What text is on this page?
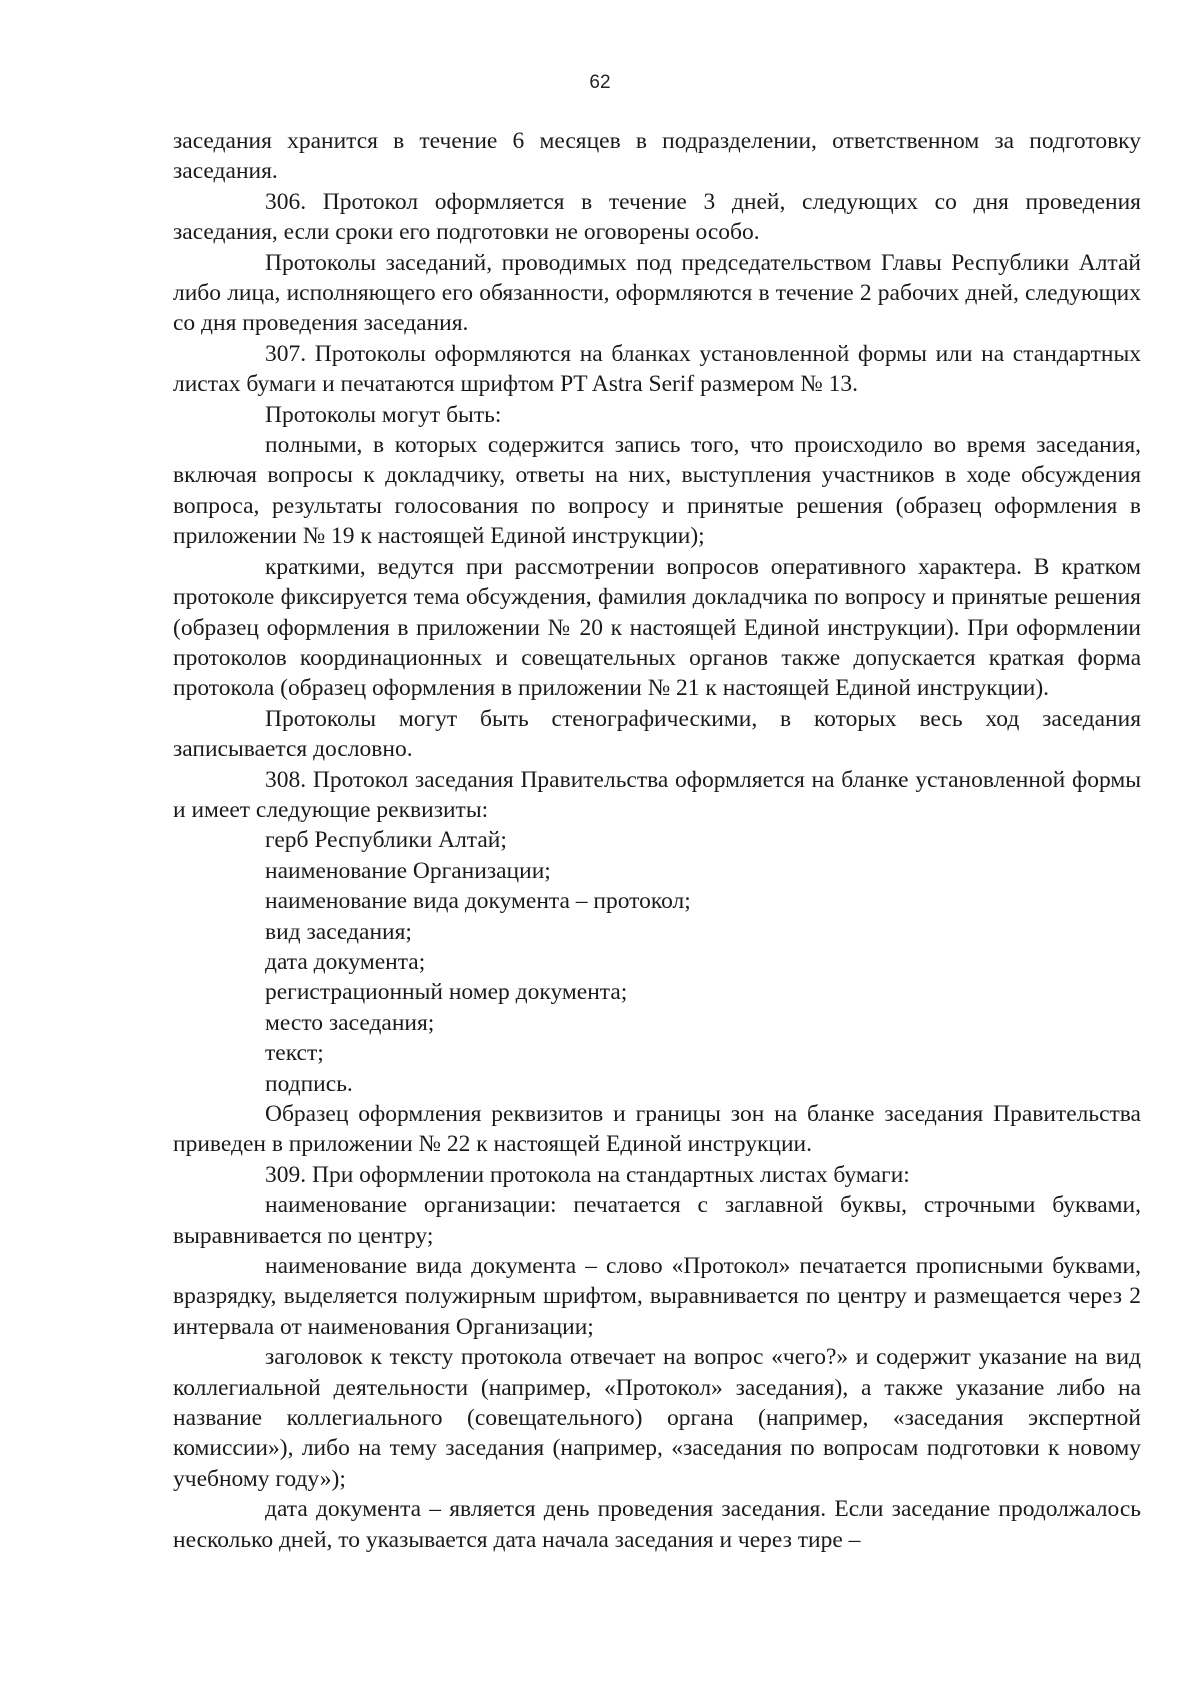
62

заседания хранится в течение 6 месяцев в подразделении, ответственном за подготовку заседания.

306. Протокол оформляется в течение 3 дней, следующих со дня проведения заседания, если сроки его подготовки не оговорены особо.

Протоколы заседаний, проводимых под председательством Главы Республики Алтай либо лица, исполняющего его обязанности, оформляются в течение 2 рабочих дней, следующих со дня проведения заседания.

307. Протоколы оформляются на бланках установленной формы или на стандартных листах бумаги и печатаются шрифтом PT Astra Serif размером № 13.

Протоколы могут быть:

полными, в которых содержится запись того, что происходило во время заседания, включая вопросы к докладчику, ответы на них, выступления участников в ходе обсуждения вопроса, результаты голосования по вопросу и принятые решения (образец оформления в приложении № 19 к настоящей Единой инструкции);

краткими, ведутся при рассмотрении вопросов оперативного характера. В кратком протоколе фиксируется тема обсуждения, фамилия докладчика по вопросу и принятые решения (образец оформления в приложении № 20 к настоящей Единой инструкции). При оформлении протоколов координационных и совещательных органов также допускается краткая форма протокола (образец оформления в приложении № 21 к настоящей Единой инструкции).

Протоколы могут быть стенографическими, в которых весь ход заседания записывается дословно.

308. Протокол заседания Правительства оформляется на бланке установленной формы и имеет следующие реквизиты:

герб Республики Алтай;

наименование Организации;

наименование вида документа – протокол;

вид заседания;

дата документа;

регистрационный номер документа;

место заседания;

текст;

подпись.

Образец оформления реквизитов и границы зон на бланке заседания Правительства приведен в приложении № 22 к настоящей Единой инструкции.

309. При оформлении протокола на стандартных листах бумаги:

наименование организации: печатается с заглавной буквы, строчными буквами, выравнивается по центру;

наименование вида документа – слово «Протокол» печатается прописными буквами, вразрядку, выделяется полужирным шрифтом, выравнивается по центру и размещается через 2 интервала от наименования Организации;

заголовок к тексту протокола отвечает на вопрос «чего?» и содержит указание на вид коллегиальной деятельности (например, «Протокол» заседания), а также указание либо на название коллегиального (совещательного) органа (например, «заседания экспертной комиссии»), либо на тему заседания (например, «заседания по вопросам подготовки к новому учебному году»);

дата документа – является день проведения заседания. Если заседание продолжалось несколько дней, то указывается дата начала заседания и через тире –
